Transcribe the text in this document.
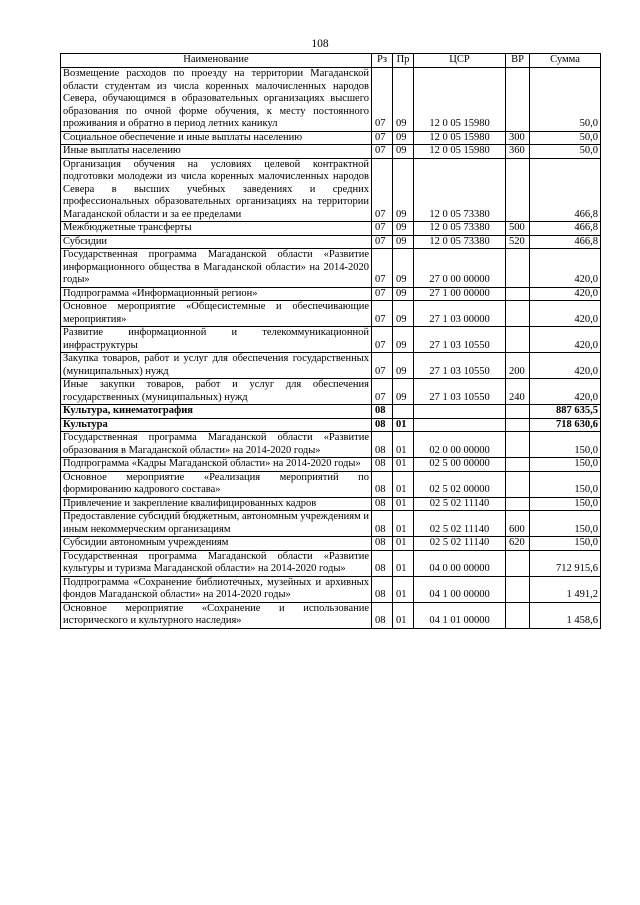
108
Наименование	Рз	Пр	ЦСР	ВР	Сумма
Возмещение расходов по проезду на территории Магаданской области студентам из числа коренных малочисленных народов Севера, обучающимся в образовательных организациях высшего образования по очной форме обучения, к месту постоянного проживания и обратно в период летних каникул	07	09	12 0 05 15980		50,0
Социальное обеспечение и иные выплаты населению	07	09	12 0 05 15980	300	50,0
Иные выплаты населению	07	09	12 0 05 15980	360	50,0
Организация обучения на условиях целевой контрактной подготовки молодежи из числа коренных малочисленных народов Севера в высших учебных заведениях и средних профессиональных образовательных организациях на территории Магаданской области и за ее пределами	07	09	12 0 05 73380		466,8
Межбюджетные трансферты	07	09	12 0 05 73380	500	466,8
Субсидии	07	09	12 0 05 73380	520	466,8
Государственная программа Магаданской области «Развитие информационного общества в Магаданской области» на 2014-2020 годы»	07	09	27 0 00 00000		420,0
Подпрограмма «Информационный регион»	07	09	27 1 00 00000		420,0
Основное мероприятие «Общесистемные и обеспечивающие мероприятия»	07	09	27 1 03 00000		420,0
Развитие информационной и телекоммуникационной инфраструктуры	07	09	27 1 03 10550		420,0
Закупка товаров, работ и услуг для обеспечения государственных (муниципальных) нужд	07	09	27 1 03 10550	200	420,0
Иные закупки товаров, работ и услуг для обеспечения государственных (муниципальных) нужд	07	09	27 1 03 10550	240	420,0
Культура, кинематография	08				887 635,5
Культура	08	01			718 630,6
Государственная программа Магаданской области «Развитие образования в Магаданской области» на 2014-2020 годы»	08	01	02 0 00 00000		150,0
Подпрограмма «Кадры Магаданской области» на 2014-2020 годы»	08	01	02 5 00 00000		150,0
Основное мероприятие «Реализация мероприятий по формированию кадрового состава»	08	01	02 5 02 00000		150,0
Привлечение и закрепление квалифицированных кадров	08	01	02 5 02 11140		150,0
Предоставление субсидий бюджетным, автономным учреждениям и иным некоммерческим организациям	08	01	02 5 02 11140	600	150,0
Субсидии автономным учреждениям	08	01	02 5 02 11140	620	150,0
Государственная программа Магаданской области «Развитие культуры и туризма Магаданской области» на 2014-2020 годы»	08	01	04 0 00 00000		712 915,6
Подпрограмма «Сохранение библиотечных, музейных и архивных фондов Магаданской области» на 2014-2020 годы»	08	01	04 1 00 00000		1 491,2
Основное мероприятие «Сохранение и использование исторического и культурного наследия»	08	01	04 1 01 00000		1 458,6
